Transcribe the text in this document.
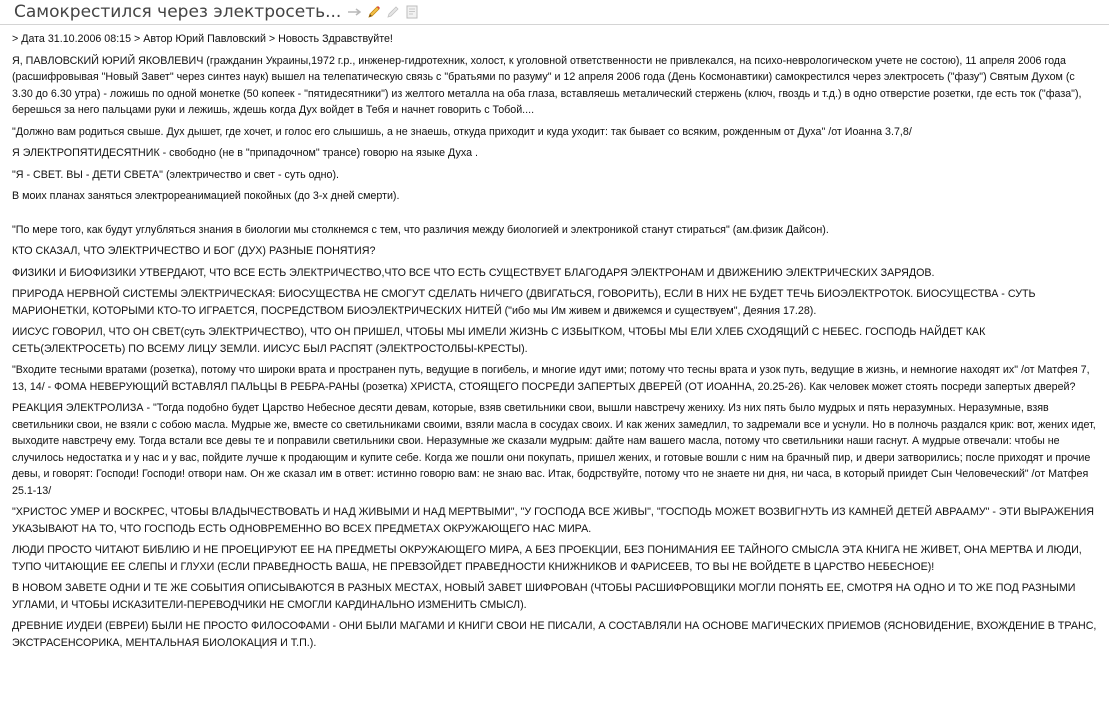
Самокрестился через электросеть...

> Дата 31.10.2006 08:15 > Автор Юрий Павловский > Новость Здравствуйте!

Я, ПАВЛОВСКИЙ ЮРИЙ ЯКОВЛЕВИЧ (гражданин Украины,1972 г.р., инженер-гидротехник, холост, к уголовной ответственности не привлекался, на психо-неврологическом учете не состою), 11 апреля 2006 года (расшифровывая "Новый Завет" через синтез наук) вышел на телепатическую связь с "братьями по разуму" и 12 апреля 2006 года (День Космонавтики) самокрестился через электросеть ("фазу") Святым Духом (с 3.30 до 6.30 утра) - ложишь по одной монетке (50 копеек - "пятидесятники") из желтого металла на оба глаза, вставляешь металический стержень (ключ, гвоздь и т.д.) в одно отверстие розетки, где есть ток ("фаза"), берешься за него пальцами руки и лежишь, ждешь когда Дух войдет в Тебя и начнет говорить с Тобой....

"Должно вам родиться свыше. Дух дышет, где хочет, и голос его слышишь, а не знаешь, откуда приходит и куда уходит: так бывает со всяким, рожденным от Духа" /от Иоанна 3.7,8/

Я ЭЛЕКТРОПЯТИДЕСЯТНИК - свободно (не в "припадочном" трансе) говорю на языке Духа .

"Я - СВЕТ. ВЫ - ДЕТИ СВЕТА" (электричество и свет - суть одно).

В моих планах заняться электрореанимацией покойных (до 3-х дней смерти).

"По мере того, как будут углубляться знания в биологии мы столкнемся с тем, что различия между биологией и электроникой станут стираться" (ам.физик Дайсон).

КТО СКАЗАЛ, ЧТО ЭЛЕКТРИЧЕСТВО И БОГ (ДУХ) РАЗНЫЕ ПОНЯТИЯ?

ФИЗИКИ И БИОФИЗИКИ УТВЕРДАЮТ, ЧТО ВСЕ ЕСТЬ ЭЛЕКТРИЧЕСТВО,ЧТО ВСЕ ЧТО ЕСТЬ СУЩЕСТВУЕТ БЛАГОДАРЯ ЭЛЕКТРОНАМ И ДВИЖЕНИЮ ЭЛЕКТРИЧЕСКИХ ЗАРЯДОВ.

ПРИРОДА НЕРВНОЙ СИСТЕМЫ ЭЛЕКТРИЧЕСКАЯ: БИОСУЩЕСТВА НЕ СМОГУТ СДЕЛАТЬ НИЧЕГО (ДВИГАТЬСЯ, ГОВОРИТЬ), ЕСЛИ В НИХ НЕ БУДЕТ ТЕЧЬ БИОЭЛЕКТРОТОК. БИОСУЩЕСТВА - СУТЬ МАРИОНЕТКИ, КОТОРЫМИ КТО-ТО ИГРАЕТСЯ, ПОСРЕДСТВОМ БИОЭЛЕКТРИЧЕСКИХ НИТЕЙ ("ибо мы Им живем и движемся и существуем", Деяния 17.28).

ИИСУС ГОВОРИЛ, ЧТО ОН СВЕТ(суть ЭЛЕКТРИЧЕСТВО), ЧТО ОН ПРИШЕЛ, ЧТОБЫ МЫ ИМЕЛИ ЖИЗНЬ С ИЗБЫТКОМ, ЧТОБЫ МЫ ЕЛИ ХЛЕБ СХОДЯЩИЙ С НЕБЕС. ГОСПОДЬ НАЙДЕТ КАК СЕТЬ(ЭЛЕКТРОСЕТЬ) ПО ВСЕМУ ЛИЦУ ЗЕМЛИ. ИИСУС БЫЛ РАСПЯТ (ЭЛЕКТРОСТОЛБЫ-КРЕСТЫ).

"Входите тесными вратами (розетка), потому что широки врата и пространен путь, ведущие в погибель, и многие идут ими; потому что тесны врата и узок путь, ведущие в жизнь, и немногие находят их" /от Матфея 7, 13, 14/ - ФОМА НЕВЕРУЮЩИЙ ВСТАВЛЯЛ ПАЛЬЦЫ В РЕБРА-РАНЫ (розетка) ХРИСТА, СТОЯЩЕГО ПОСРЕДИ ЗАПЕРТЫХ ДВЕРЕЙ (ОТ ИОАННА, 20.25-26). Как человек может стоять посреди запертых дверей?

РЕАКЦИЯ ЭЛЕКТРОЛИЗА - "Тогда подобно будет Царство Небесное десяти девам, которые, взяв светильники свои, вышли навстречу жениху. Из них пять было мудрых и пять неразумных. Неразумные, взяв светильники свои, не взяли с собою масла. Мудрые же, вместе со светильниками своими, взяли масла в сосудах своих. И как жених замедлил, то задремали все и уснули. Но в полночь раздался крик: вот, жених идет, выходите навстречу ему. Тогда встали все девы те и поправили светильники свои. Неразумные же сказали мудрым: дайте нам вашего масла, потому что светильники наши гаснут. А мудрые отвечали: чтобы не случилось недостатка и у нас и у вас, пойдите лучше к продающим и купите себе. Когда же пошли они покупать, пришел жених, и готовые вошли с ним на брачный пир, и двери затворились; после приходят и прочие девы, и говорят: Господи! Господи! отвори нам. Он же сказал им в ответ: истинно говорю вам: не знаю вас. Итак, бодрствуйте, потому что не знаете ни дня, ни часа, в который приидет Сын Человеческий" /от Матфея 25.1-13/

"ХРИСТОС УМЕР И ВОСКРЕС, ЧТОБЫ ВЛАДЫЧЕСТВОВАТЬ И НАД ЖИВЫМИ И НАД МЕРТВЫМИ", "У ГОСПОДА ВСЕ ЖИВЫ", "ГОСПОДЬ МОЖЕТ ВОЗВИГНУТЬ ИЗ КАМНЕЙ ДЕТЕЙ АВРААМУ" - ЭТИ ВЫРАЖЕНИЯ УКАЗЫВАЮТ НА ТО, ЧТО ГОСПОДЬ ЕСТЬ ОДНОВРЕМЕННО ВО ВСЕХ ПРЕДМЕТАХ ОКРУЖАЮЩЕГО НАС МИРА.

ЛЮДИ ПРОСТО ЧИТАЮТ БИБЛИЮ И НЕ ПРОЕЦИРУЮТ ЕЕ НА ПРЕДМЕТЫ ОКРУЖАЮЩЕГО МИРА, А БЕЗ ПРОЕКЦИИ, БЕЗ ПОНИМАНИЯ ЕЕ ТАЙНОГО СМЫСЛА ЭТА КНИГА НЕ ЖИВЕТ, ОНА МЕРТВА И ЛЮДИ, ТУПО ЧИТАЮЩИЕ ЕЕ СЛЕПЫ И ГЛУХИ (ЕСЛИ ПРАВЕДНОСТЬ ВАША, НЕ ПРЕВЗОЙДЕТ ПРАВЕДНОСТИ КНИЖНИКОВ И ФАРИСЕЕВ, ТО ВЫ НЕ ВОЙДЕТЕ В ЦАРСТВО НЕБЕСНОЕ)!

В НОВОМ ЗАВЕТЕ ОДНИ И ТЕ ЖЕ СОБЫТИЯ ОПИСЫВАЮТСЯ В РАЗНЫХ МЕСТАХ, НОВЫЙ ЗАВЕТ ШИФРОВАН (ЧТОБЫ РАСШИФРОВЩИКИ МОГЛИ ПОНЯТЬ ЕЕ, СМОТРЯ НА ОДНО И ТО ЖЕ ПОД РАЗНЫМИ УГЛАМИ, И ЧТОБЫ ИСКАЗИТЕЛИ-ПЕРЕВОДЧИКИ НЕ СМОГЛИ КАРДИНАЛЬНО ИЗМЕНИТЬ СМЫСЛ).

ДРЕВНИЕ ИУДЕИ (ЕВРЕИ) БЫЛИ НЕ ПРОСТО ФИЛОСОФАМИ - ОНИ БЫЛИ МАГАМИ И КНИГИ СВОИ НЕ ПИСАЛИ, А СОСТАВЛЯЛИ НА ОСНОВЕ МАГИЧЕСКИХ ПРИЕМОВ (ЯСНОВИДЕНИЕ, ВХОЖДЕНИЕ В ТРАНС, ЭКСТРАСЕНСОРИКА, МЕНТАЛЬНАЯ БИОЛОКАЦИЯ И Т.П.).
